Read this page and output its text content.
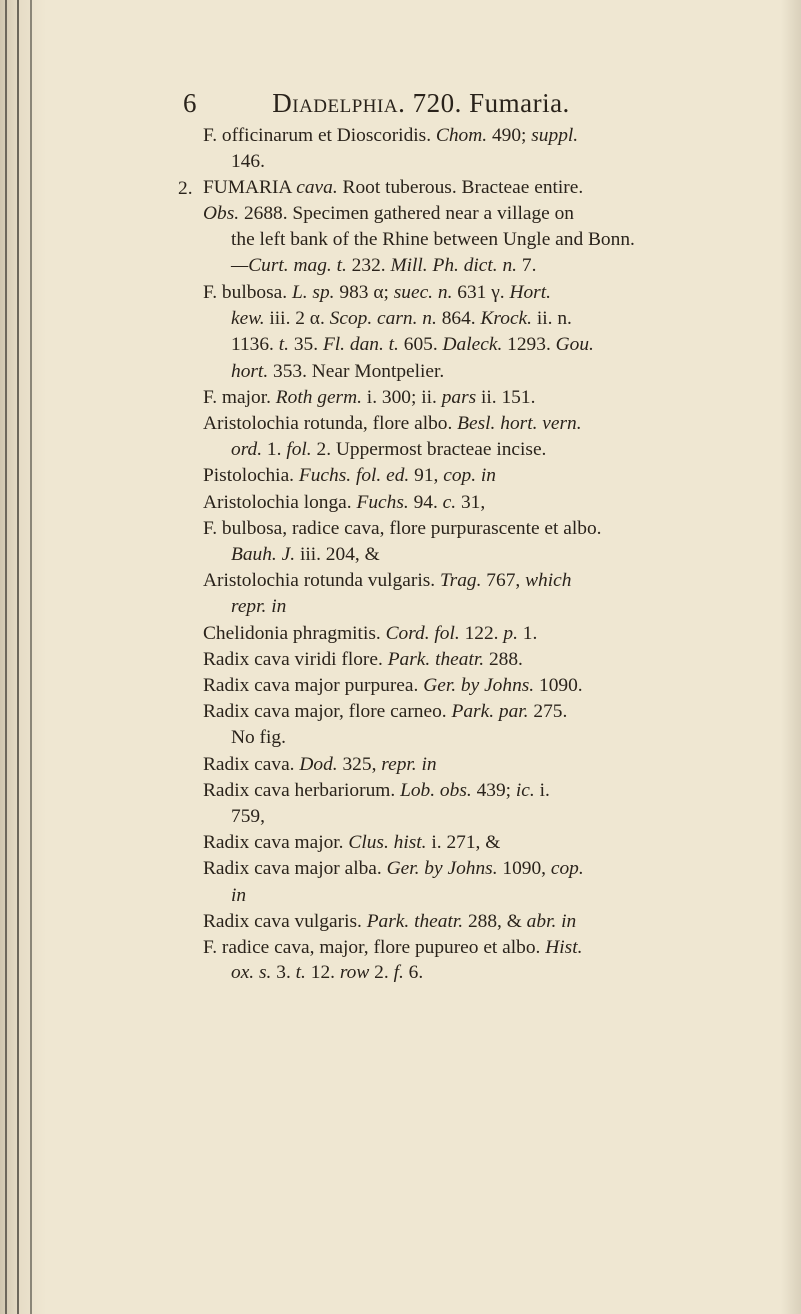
6	Diadelphia. 720. Fumaria.
F. officinarum et Dioscoridis. Chom. 490; suppl.
146.
2. FUMARIA cava. Root tuberous. Bracteae entire.
Obs. 2688. Specimen gathered near a village on
the left bank of the Rhine between Ungle and Bonn.
—Curt. mag. t. 232. Mill. Ph. dict. n. 7.
F. bulbosa. L. sp. 983 α; suec. n. 631 γ. Hort.
kew. iii. 2 α. Scop. carn. n. 864. Krock. ii. n.
1136. t. 35. Fl. dan. t. 605. Daleck. 1293. Gou.
hort. 353. Near Montpelier.
F. major. Roth germ. i. 300; ii. pars ii. 151.
Aristolochia rotunda, flore albo. Besl. hort. vern.
ord. 1. fol. 2. Uppermost bracteae incise.
Pistolochia. Fuchs. fol. ed. 91, cop. in
Aristolochia longa. Fuchs. 94. c. 31,
F. bulbosa, radice cava, flore purpurascente et albo.
Bauh. J. iii. 204, &
Aristolochia rotunda vulgaris. Trag. 767, which
repr. in
Chelidonia phragmitis. Cord. fol. 122. p. 1.
Radix cava viridi flore. Park. theatr. 288.
Radix cava major purpurea. Ger. by Johns. 1090.
Radix cava major, flore carneo. Park. par. 275.
No fig.
Radix cava. Dod. 325, repr. in
Radix cava herbariorum. Lob. obs. 439; ic. i.
759,
Radix cava major. Clus. hist. i. 271, &
Radix cava major alba. Ger. by Johns. 1090, cop.
in
Radix cava vulgaris. Park. theatr. 288, & abr. in
F. radice cava, major, flore pupureo et albo. Hist.
ox. s. 3. t. 12. row 2. f. 6.
